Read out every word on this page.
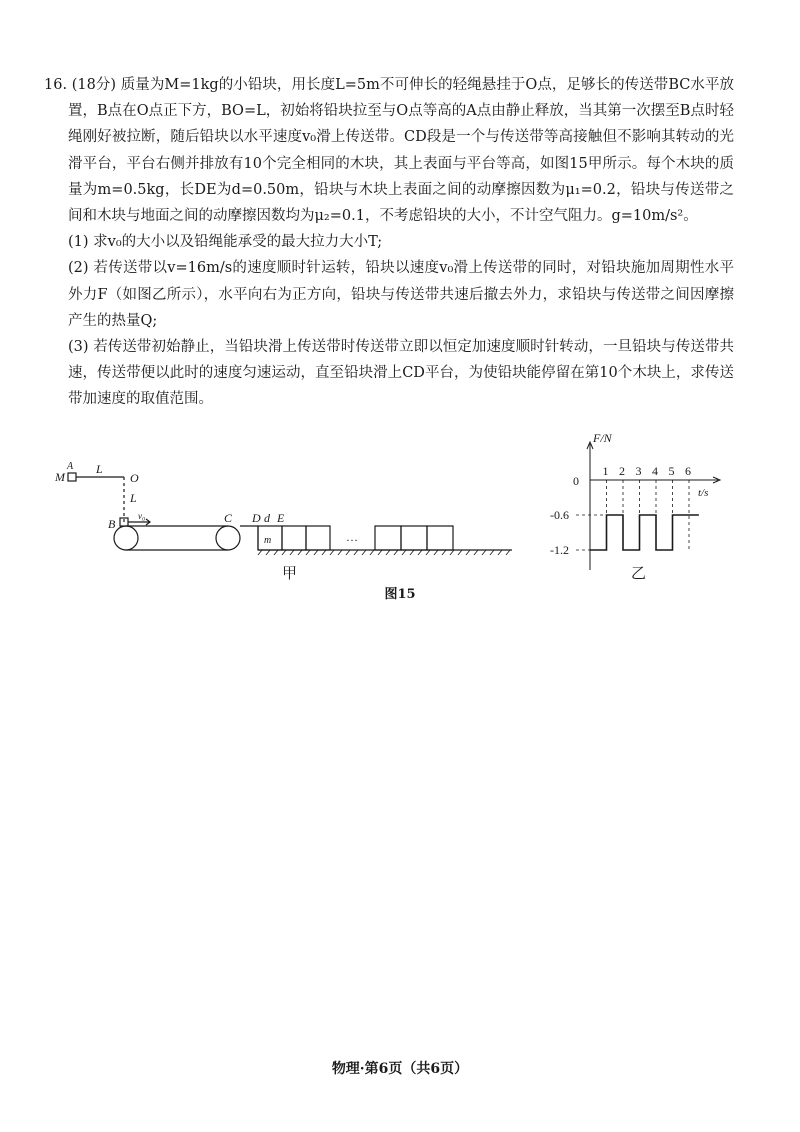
16. (18分) 质量为M=1kg的小铅块，用长度L=5m不可伸长的轻绳悬挂于O点，足够长的传送带BC水平放置，B点在O点正下方，BO=L，初始将铅块拉至与O点等高的A点由静止释放，当其第一次摆至B点时轻绳刚好被拉断，随后铅块以水平速度v₀滑上传送带。CD段是一个与传送带等高接触但不影响其转动的光滑平台，平台右侧并排放有10个完全相同的木块，其上表面与平台等高，如图15甲所示。每个木块的质量为m=0.5kg，长DE为d=0.50m，铅块与木块上表面之间的动摩擦因数为μ₁=0.2，铅块与传送带之间和木块与地面之间的动摩擦因数均为μ₂=0.1，不考虑铅块的大小，不计空气阻力。g=10m/s²。

(1) 求v₀的大小以及铅绳能承受的最大拉力大小T;

(2) 若传送带以v=16m/s的速度顺时针运转，铅块以速度v₀滑上传送带的同时，对铅块施加周期性水平外力F（如图乙所示），水平向右为正方向，铅块与传送带共速后撤去外力，求铅块与传送带之间因摩擦产生的热量Q;

(3) 若传送带初始静止，当铅块滑上传送带时传送带立即以恒定加速度顺时针转动，一旦铅块与传送带共速，传送带便以此时的速度匀速运动，直至铅块滑上CD平台，为使铅块能停留在第10个木块上，求传送带加速度的取值范围。

M
A L
O
L
B
v₀	C D d E
m	…
1 2 3 4 5 6
F/N
t/s
0
-0.6
-1.2
甲	乙
图15
物理·第6页（共6页）
